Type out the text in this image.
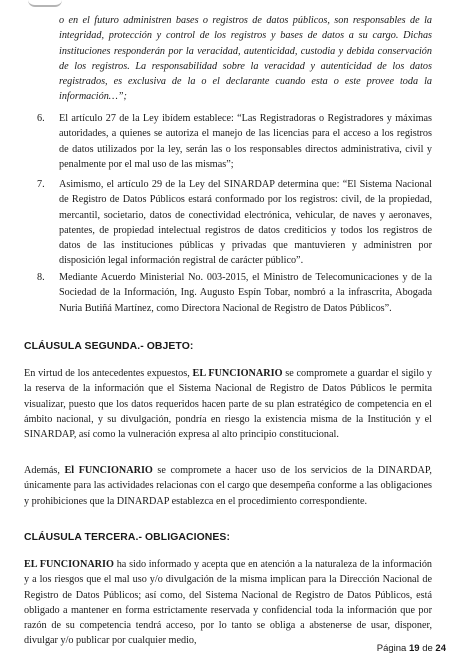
o en el futuro administren bases o registros de datos públicos, son responsables de la integridad, protección y control de los registros y bases de datos a su cargo. Dichas instituciones responderán por la veracidad, autenticidad, custodia y debida conservación de los registros. La responsabilidad sobre la veracidad y autenticidad de los datos registrados, es exclusiva de la o el declarante cuando esta o este provee toda la información…”;
6. El artículo 27 de la Ley ibídem establece: “Las Registradoras o Registradores y máximas autoridades, a quienes se autoriza el manejo de las licencias para el acceso a los registros de datos utilizados por la ley, serán las o los responsables directos administrativa, civil y penalmente por el mal uso de las mismas”;
7. Asimismo, el artículo 29 de la Ley del SINARDAP determina que: “El Sistema Nacional de Registro de Datos Públicos estará conformado por los registros: civil, de la propiedad, mercantil, societario, datos de conectividad electrónica, vehicular, de naves y aeronaves, patentes, de propiedad intelectual registros de datos crediticios y todos los registros de datos de las instituciones públicas y privadas que mantuvieren y administren por disposición legal información registral de carácter público”.
8. Mediante Acuerdo Ministerial No. 003-2015, el Ministro de Telecomunicaciones y de la Sociedad de la Información, Ing. Augusto Espín Tobar, nombró a la infrascrita, Abogada Nuria Butiñá Martínez, como Directora Nacional de Registro de Datos Públicos”.
CLÁUSULA SEGUNDA.- OBJETO:
En virtud de los antecedentes expuestos, EL FUNCIONARIO se compromete a guardar el sigilo y la reserva de la información que el Sistema Nacional de Registro de Datos Públicos le permita visualizar, puesto que los datos requeridos hacen parte de su plan estratégico de competencia en el ámbito nacional, y su divulgación, pondría en riesgo la existencia misma de la Institución y el SINARDAP, así como la vulneración expresa al alto principio constitucional.
Además, El FUNCIONARIO se compromete a hacer uso de los servicios de la DINARDAP, únicamente para las actividades relacionas con el cargo que desempeña conforme a las obligaciones y prohibiciones que la DINARDAP establezca en el procedimiento correspondiente.
CLÁUSULA TERCERA.- OBLIGACIONES:
EL FUNCIONARIO ha sido informado y acepta que en atención a la naturaleza de la información y a los riesgos que el mal uso y/o divulgación de la misma implican para la Dirección Nacional de Registro de Datos Públicos; así como, del Sistema Nacional de Registro de Datos Públicos, está obligado a mantener en forma estrictamente reservada y confidencial toda la información que por razón de su competencia tendrá acceso, por lo tanto se obliga a abstenerse de usar, disponer, divulgar y/o publicar por cualquier medio,
Página 19 de 24
